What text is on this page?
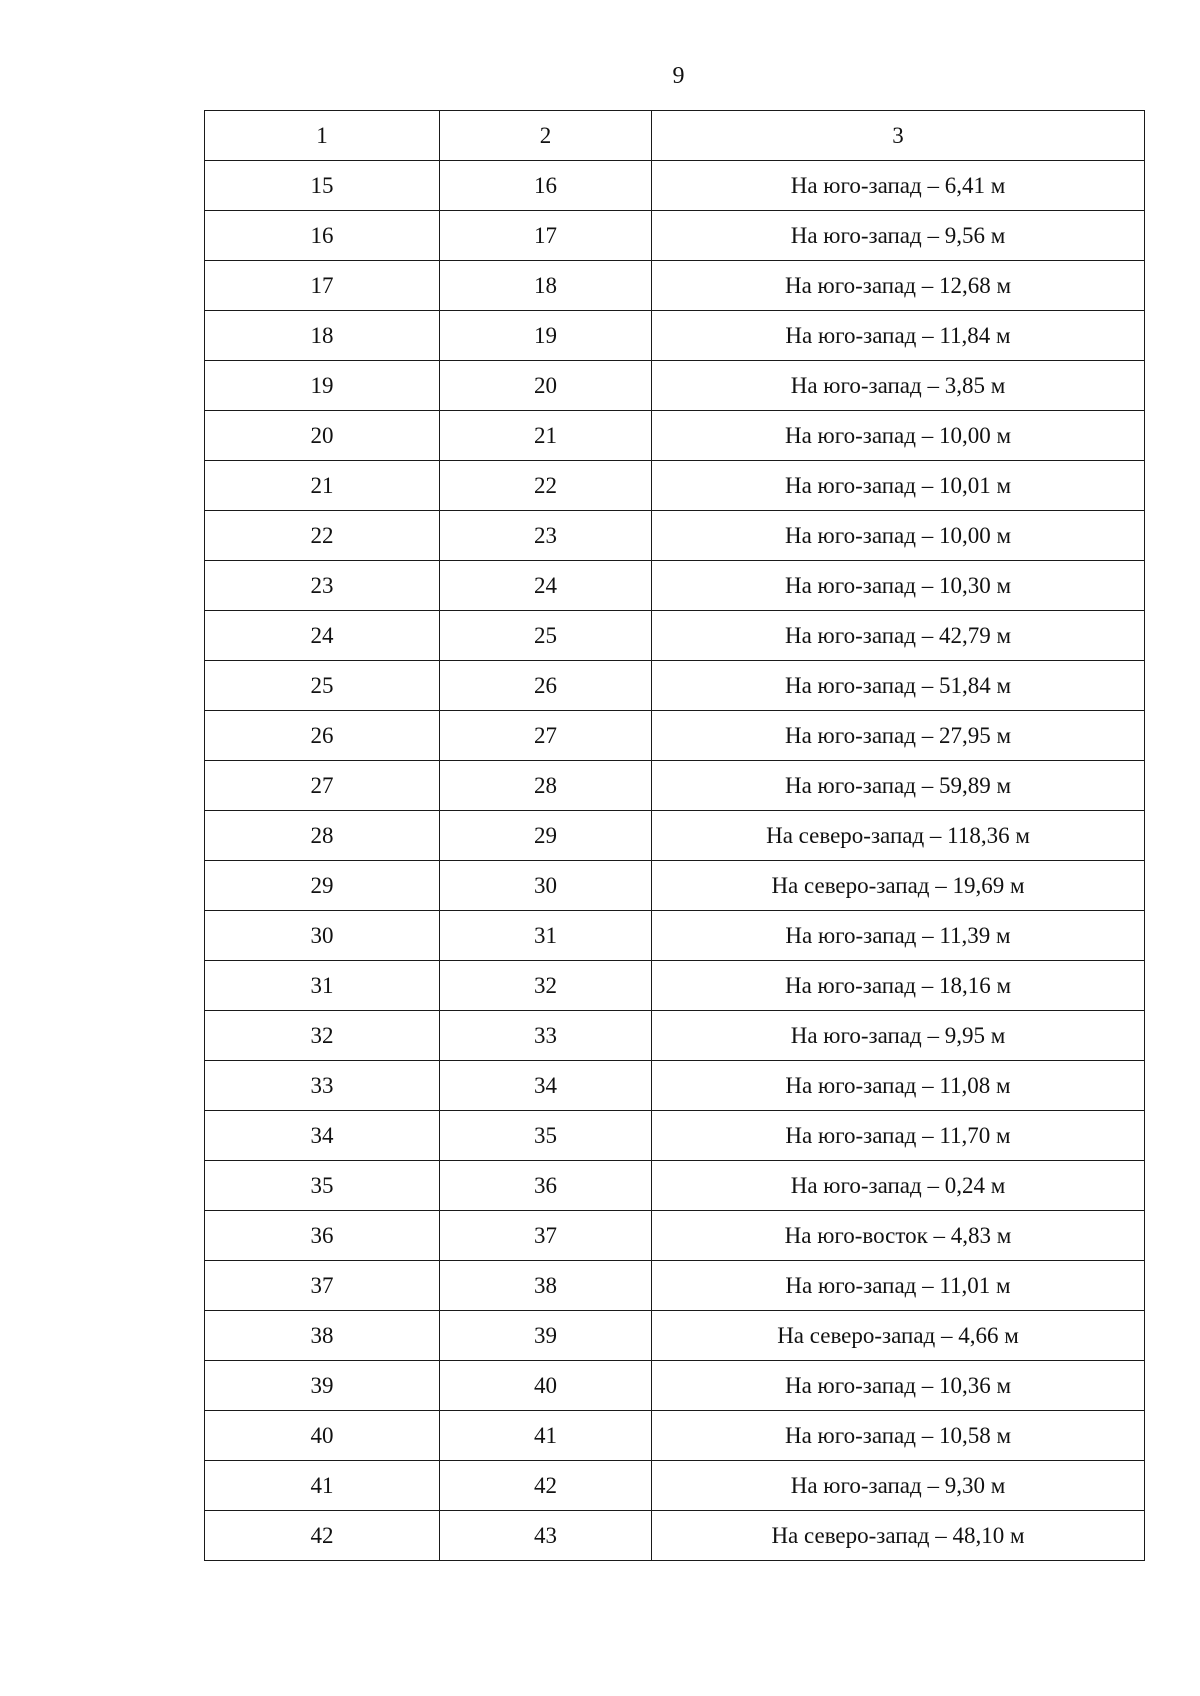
9
1	2	3
15	16	На юго-запад – 6,41 м
16	17	На юго-запад – 9,56 м
17	18	На юго-запад – 12,68 м
18	19	На юго-запад – 11,84 м
19	20	На юго-запад – 3,85 м
20	21	На юго-запад – 10,00 м
21	22	На юго-запад – 10,01 м
22	23	На юго-запад – 10,00 м
23	24	На юго-запад – 10,30 м
24	25	На юго-запад – 42,79 м
25	26	На юго-запад – 51,84 м
26	27	На юго-запад – 27,95 м
27	28	На юго-запад – 59,89 м
28	29	На северо-запад – 118,36 м
29	30	На северо-запад – 19,69 м
30	31	На юго-запад – 11,39 м
31	32	На юго-запад – 18,16 м
32	33	На юго-запад – 9,95 м
33	34	На юго-запад – 11,08 м
34	35	На юго-запад – 11,70 м
35	36	На юго-запад – 0,24 м
36	37	На юго-восток – 4,83 м
37	38	На юго-запад – 11,01 м
38	39	На северо-запад – 4,66 м
39	40	На юго-запад – 10,36 м
40	41	На юго-запад – 10,58 м
41	42	На юго-запад – 9,30 м
42	43	На северо-запад – 48,10 м
